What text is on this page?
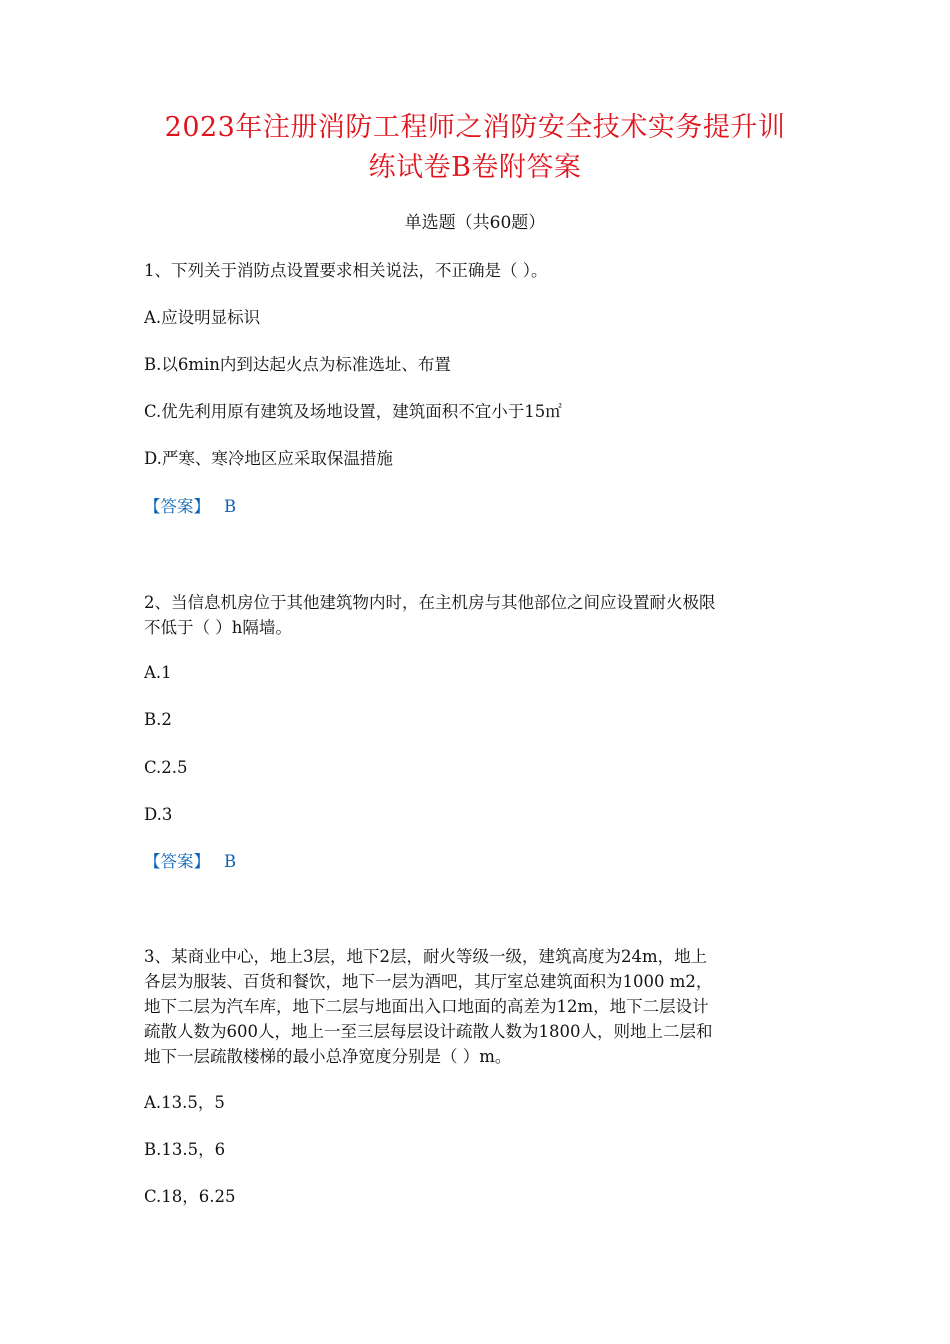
2023年注册消防工程师之消防安全技术实务提升训
练试卷B卷附答案
单选题（共60题）
1、下列关于消防点设置要求相关说法，不正确是（ ）。
A.应设明显标识
B.以6min内到达起火点为标准选址、布置
C.优先利用原有建筑及场地设置，建筑面积不宜小于15㎡
D.严寒、寒冷地区应采取保温措施
【答案】 B
2、当信息机房位于其他建筑物内时，在主机房与其他部位之间应设置耐火极限
不低于（ ）h隔墙。
A.1
B.2
C.2.5
D.3
【答案】 B
3、某商业中心，地上3层，地下2层，耐火等级一级，建筑高度为24m，地上
各层为服装、百货和餐饮，地下一层为酒吧，其厅室总建筑面积为1000 m2，
地下二层为汽车库，地下二层与地面出入口地面的高差为12m，地下二层设计
疏散人数为600人，地上一至三层每层设计疏散人数为1800人，则地上二层和
地下一层疏散楼梯的最小总净宽度分别是（ ）m。
A.13.5，5
B.13.5，6
C.18，6.25
